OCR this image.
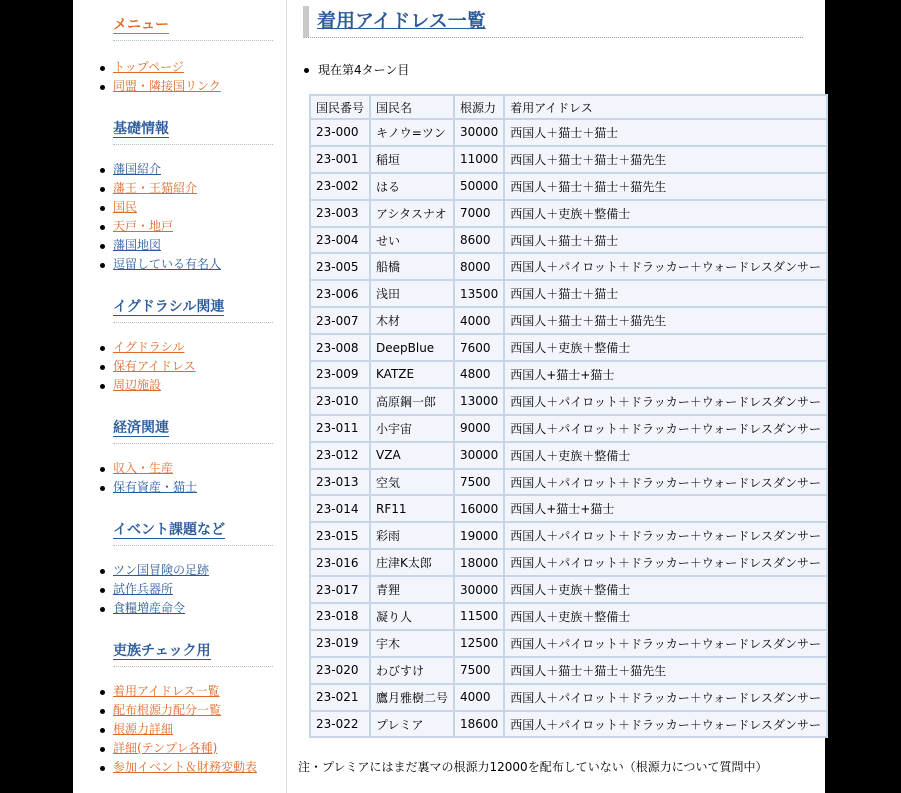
メニュー
トップページ
同盟・隣接国リンク
基礎情報
藩国紹介
藩王・王猫紹介
国民
天戸・地戸
藩国地図
逗留している有名人
イグドラシル関連
イグドラシル
保有アイドレス
周辺施設
経済関連
収入・生産
保有資産・猫士
イベント課題など
ツン国冒険の足跡
試作兵器所
食糧増産命令
吏族チェック用
着用アイドレス一覧
配布根源力配分一覧
根源力詳細
詳細(テンプレ各種)
参加イベント＆財務変動表
着用アイドレス一覧
現在第4ターン目
国民番号	国民名	根源力	着用アイドレス
23-000	キノウ=ツン	30000	西国人＋猫士＋猫士
23-001	稲垣	11000	西国人＋猫士＋猫士＋猫先生
23-002	はる	50000	西国人＋猫士＋猫士＋猫先生
23-003	アシタスナオ	7000	西国人＋吏族＋整備士
23-004	せい	8600	西国人＋猫士＋猫士
23-005	船橋	8000	西国人＋パイロット＋ドラッカー＋ウォードレスダンサー
23-006	浅田	13500	西国人＋猫士＋猫士
23-007	木材	4000	西国人＋猫士＋猫士＋猫先生
23-008	DeepBlue	7600	西国人＋吏族＋整備士
23-009	KATZE	4800	西国人+猫士+猫士
23-010	高原鋼一郎	13000	西国人＋パイロット＋ドラッカー＋ウォードレスダンサー
23-011	小宇宙	9000	西国人＋パイロット＋ドラッカー＋ウォードレスダンサー
23-012	VZA	30000	西国人＋吏族＋整備士
23-013	空気	7500	西国人＋パイロット＋ドラッカー＋ウォードレスダンサー
23-014	RF11	16000	西国人+猫士+猫士
23-015	彩雨	19000	西国人＋パイロット＋ドラッカー＋ウォードレスダンサー
23-016	庄津K太郎	18000	西国人＋パイロット＋ドラッカー＋ウォードレスダンサー
23-017	青狸	30000	西国人＋吏族＋整備士
23-018	凝り人	11500	西国人＋吏族＋整備士
23-019	宇木	12500	西国人＋パイロット＋ドラッカー＋ウォードレスダンサー
23-020	わびすけ	7500	西国人＋猫士＋猫士＋猫先生
23-021	鷹月雅樹二号	4000	西国人＋パイロット＋ドラッカー＋ウォードレスダンサー
23-022	プレミア	18600	西国人＋パイロット＋ドラッカー＋ウォードレスダンサー
注・プレミアにはまだ裏マの根源力12000を配布していない（根源力について質問中）
